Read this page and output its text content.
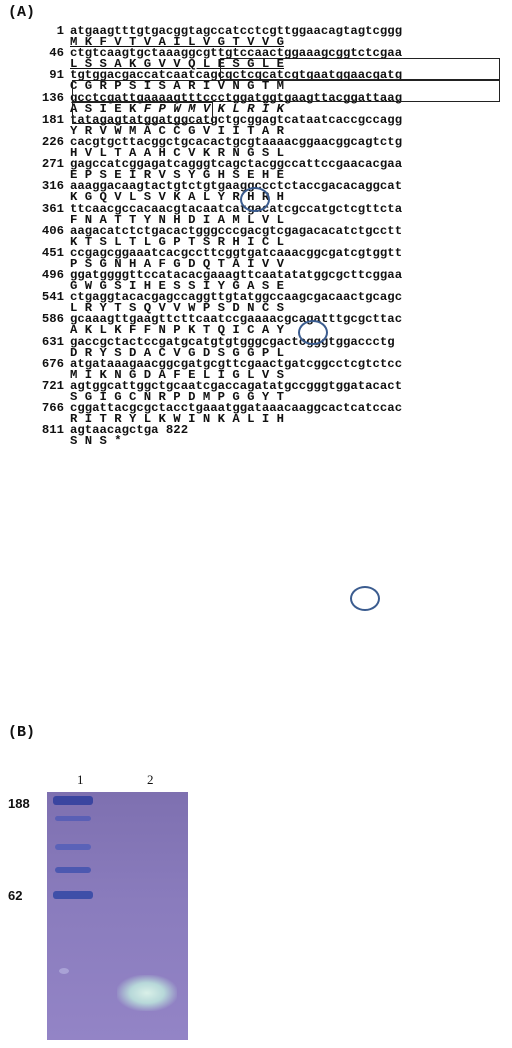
(A)
1 atgaagtttgtgacggtagccatcctcgttggaacagtagtcggg

M K F V T V A I L V G T V V G
46 ctgtcaagtgctaaaggcgttgtccaactggaaagcggtctcgaa

L S S A K G V V Q L E S G L E
91 tgtggacgaccatcaatcagcgctcgcatcgtgaatggaacgatg

C G R P S I S A R I V N G T M
136 gcctcgattgaaaagtttccctggatggtgaagttacggattaag

A S I E K F P W M V K L R I K
181 tatagagtatggatggcatgctgcggagtcataatcaccgccagg

Y R V W M A C C G V I I T A R
226 cacgtgcttacggctgcacactgcgtaaaacggaacggcagtctg

H V L T A A H C V K R N G S L
271 gagccatcggagatcagggtcagctacggccattccgaacacgaa

E P S E I R V S Y G H S E H E
316 aaaggacaagtactgtctgtgaaggccctctaccgacacaggcat

K G Q V L S V K A L Y R H R H
361 ttcaacgccacaacgtacaatcatgacatcgccatgctcgttcta

F N A T T Y N H D I A M L V L
406 aagacatctctgacactgggcccgacgtcgagacacatctgcctt

K T S L T L G P T S R H I C L
451 ccgagcggaaatcacgccttcggtgatcaaacggcgatcgtggtt

P S G N H A F G D Q T A I V V
496 ggatggggttccatacacgaaagttcaatatatggcgcttcggaa

G W G S I H E S S I Y G A S E
541 ctgaggtacacgagccaggttgtatggccaagcgacaactgcagc

L R Y T S Q V V W P S D N C S
586 gcaaagttgaagttcttcaatccgaaaacgcagatttgcgcttac

A K L K F F N P K T Q I C A Y
631 gaccgctactccgatgcatgtgtgggcgactcgggtggaccctg

D R Y S D A C V G D S G G P L
676 atgataaagaacggcgatgcgttcgaactgatcggcctcgtctcc

M I K N G D A F E L I G L V S
721 agtggcattggctgcaatcgaccagatatgccgggtggatacact

S G I G C N R P D M P G G Y T
766 cggattacgcgctacctgaaatggataaacaaggcactcatccac

R I T R Y L K W I N K A L I H
811 agtaacagctga 822

S N S *
(B)
1	2
188
62
